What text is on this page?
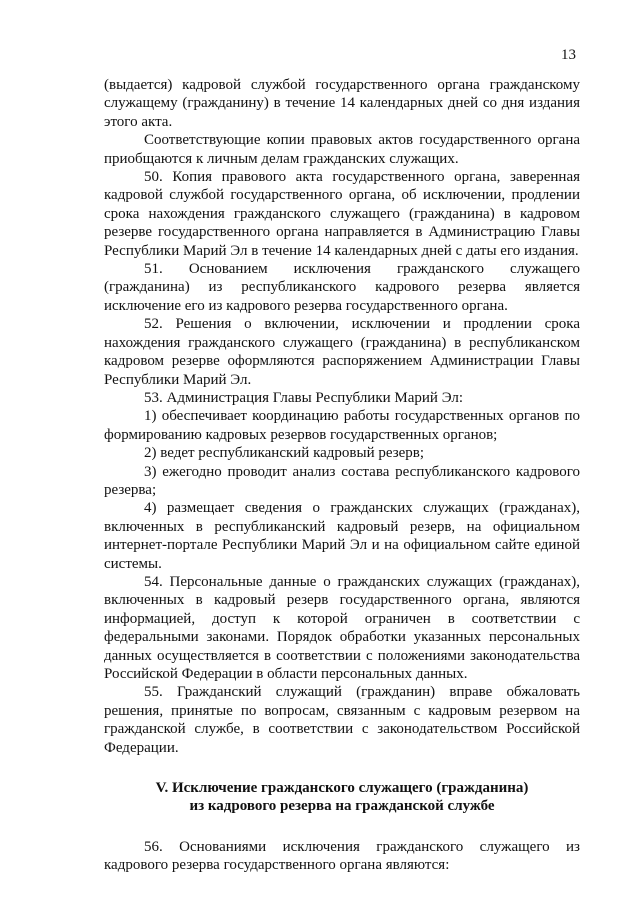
13

(выдается) кадровой службой государственного органа гражданскому служащему (гражданину) в течение 14 календарных дней со дня издания этого акта.

Соответствующие копии правовых актов государственного органа приобщаются к личным делам гражданских служащих.

50. Копия правового акта государственного органа, заверенная кадровой службой государственного органа, об исключении, продлении срока нахождения гражданского служащего (гражданина) в кадровом резерве государственного органа направляется в Администрацию Главы Республики Марий Эл в течение 14 календарных дней с даты его издания.

51. Основанием исключения гражданского служащего (гражданина) из республиканского кадрового резерва является исключение его из кадрового резерва государственного органа.

52. Решения о включении, исключении и продлении срока нахождения гражданского служащего (гражданина) в республиканском кадровом резерве оформляются распоряжением Администрации Главы Республики Марий Эл.

53. Администрация Главы Республики Марий Эл:

1) обеспечивает координацию работы государственных органов по формированию кадровых резервов государственных органов;

2) ведет республиканский кадровый резерв;

3) ежегодно проводит анализ состава республиканского кадрового резерва;

4) размещает сведения о гражданских служащих (гражданах), включенных в республиканский кадровый резерв, на официальном интернет-портале Республики Марий Эл и на официальном сайте единой системы.

54. Персональные данные о гражданских служащих (гражданах), включенных в кадровый резерв государственного органа, являются информацией, доступ к которой ограничен в соответствии с федеральными законами. Порядок обработки указанных персональных данных осуществляется в соответствии с положениями законодательства Российской Федерации в области персональных данных.

55. Гражданский служащий (гражданин) вправе обжаловать решения, принятые по вопросам, связанным с кадровым резервом на гражданской службе, в соответствии с законодательством Российской Федерации.

V. Исключение гражданского служащего (гражданина)
из кадрового резерва на гражданской службе

56. Основаниями исключения гражданского служащего из кадрового резерва государственного органа являются:
